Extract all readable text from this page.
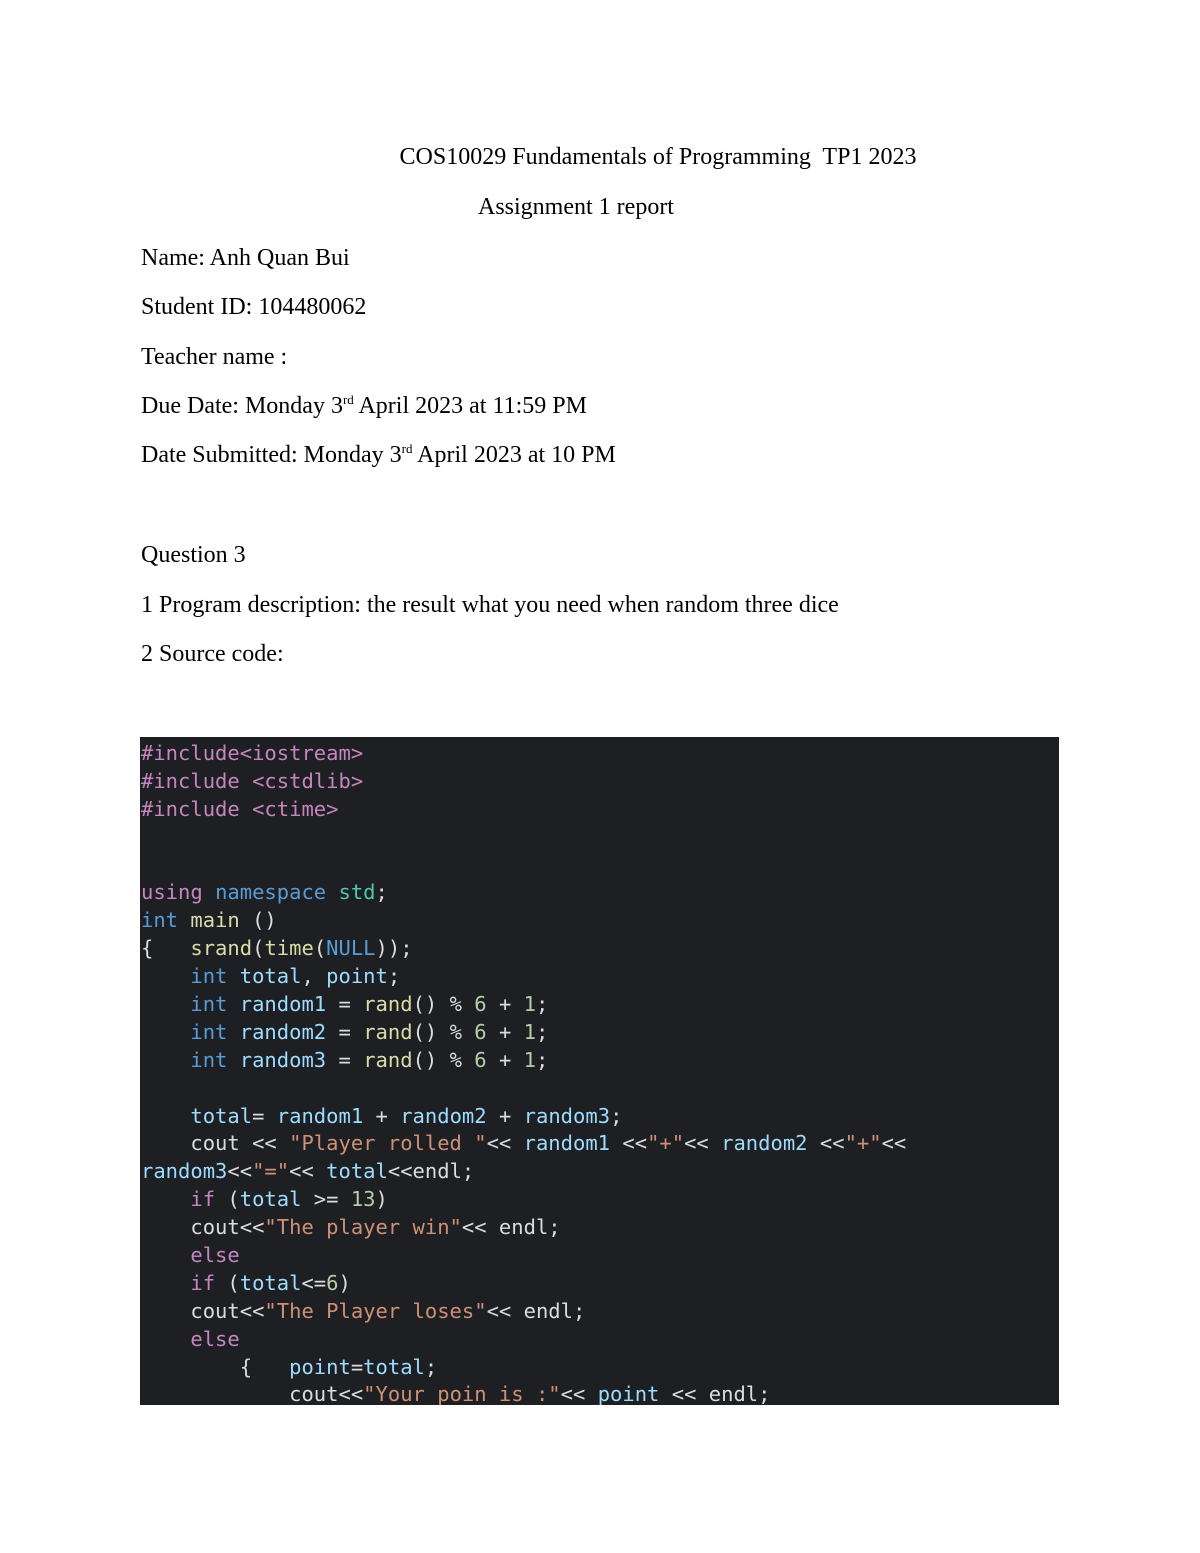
COS10029 Fundamentals of Programming  TP1 2023
Assignment 1 report
Name: Anh Quan Bui
Student ID: 104480062
Teacher name :
Due Date: Monday 3rd April 2023 at 11:59 PM
Date Submitted: Monday 3rd April 2023 at 10 PM
Question 3
1 Program description: the result what you need when random three dice
2 Source code:
#include<iostream>
#include <cstdlib>
#include <ctime>
using namespace std;
int main ()
{   srand(time(NULL));
int total, point;
int random1 = rand() % 6 + 1;
int random2 = rand() % 6 + 1;
int random3 = rand() % 6 + 1;
total= random1 + random2 + random3;
cout << "Player rolled "<< random1 <<"+"<< random2 <<"+"<<
random3<<"="<< total<<endl;
if (total >= 13)
cout<<"The player win"<< endl;
else
if (total<=6)
cout<<"The Player loses"<< endl;
else
{   point=total;
cout<<"Your poin is :"<< point << endl;
